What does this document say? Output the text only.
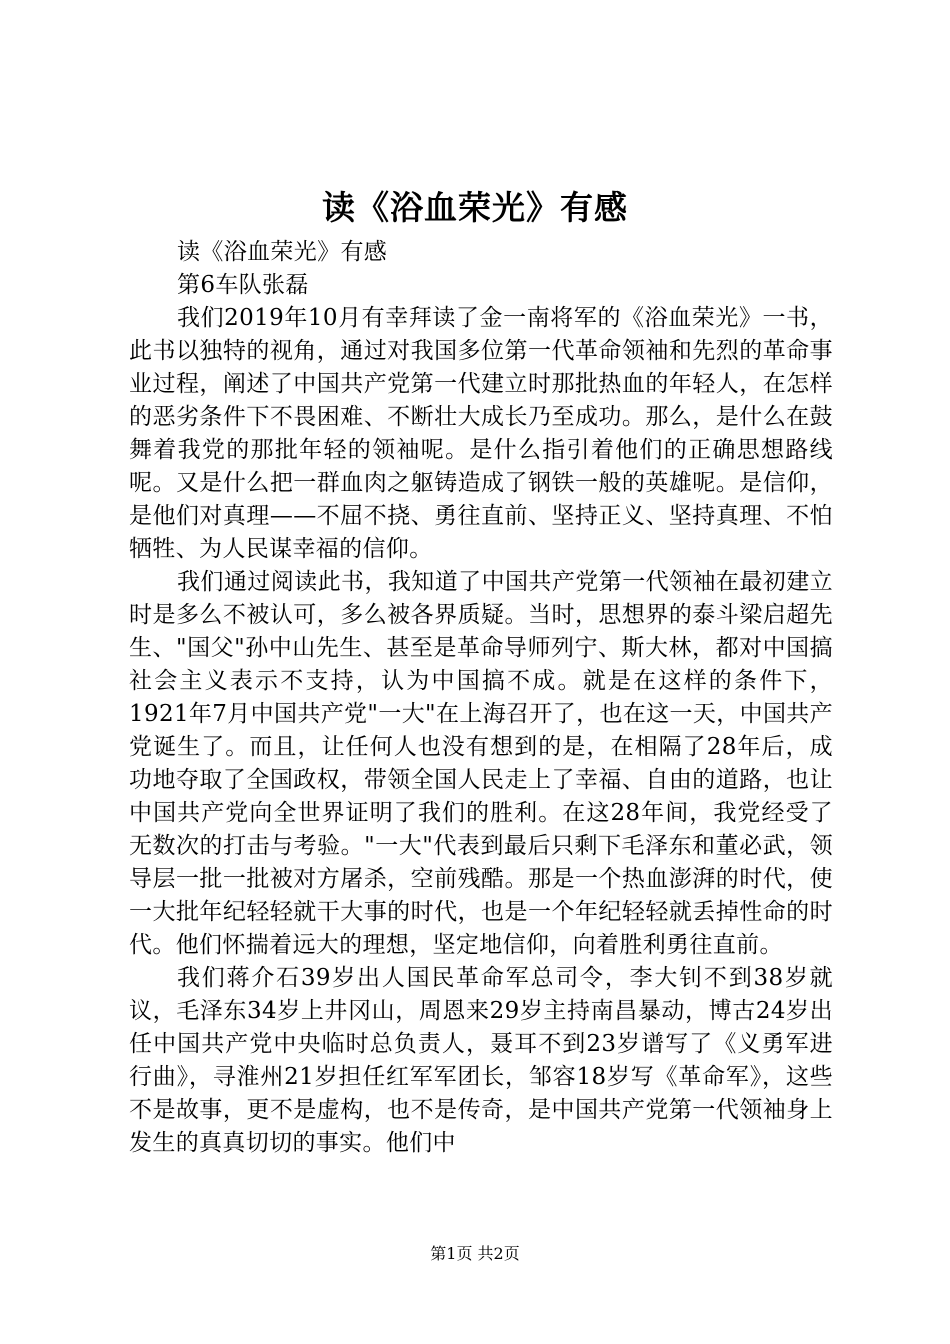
读《浴血荣光》有感

读《浴血荣光》有感

第6车队张磊

我们2019年10月有幸拜读了金一南将军的《浴血荣光》一书，此书以独特的视角，通过对我国多位第一代革命领袖和先烈的革命事业过程，阐述了中国共产党第一代建立时那批热血的年轻人，在怎样的恶劣条件下不畏困难、不断壮大成长乃至成功。那么，是什么在鼓舞着我党的那批年轻的领袖呢。是什么指引着他们的正确思想路线呢。又是什么把一群血肉之躯铸造成了钢铁一般的英雄呢。是信仰，是他们对真理——不屈不挠、勇往直前、坚持正义、坚持真理、不怕牺牲、为人民谋幸福的信仰。

我们通过阅读此书，我知道了中国共产党第一代领袖在最初建立时是多么不被认可，多么被各界质疑。当时，思想界的泰斗梁启超先生、"国父"孙中山先生、甚至是革命导师列宁、斯大林，都对中国搞社会主义表示不支持，认为中国搞不成。就是在这样的条件下，1921年7月中国共产党"一大"在上海召开了，也在这一天，中国共产党诞生了。而且，让任何人也没有想到的是，在相隔了28年后，成功地夺取了全国政权，带领全国人民走上了幸福、自由的道路，也让中国共产党向全世界证明了我们的胜利。在这28年间，我党经受了无数次的打击与考验。"一大"代表到最后只剩下毛泽东和董必武，领导层一批一批被对方屠杀，空前残酷。那是一个热血澎湃的时代，使一大批年纪轻轻就干大事的时代，也是一个年纪轻轻就丢掉性命的时代。他们怀揣着远大的理想，坚定地信仰，向着胜利勇往直前。

我们蒋介石39岁出人国民革命军总司令，李大钊不到38岁就议，毛泽东34岁上井冈山，周恩来29岁主持南昌暴动，博古24岁出任中国共产党中央临时总负责人，聂耳不到23岁谱写了《义勇军进行曲》，寻淮州21岁担任红军军团长，邹容18岁写《革命军》，这些不是故事，更不是虚构，也不是传奇，是中国共产党第一代领袖身上发生的真真切切的事实。他们中

第1页 共2页
